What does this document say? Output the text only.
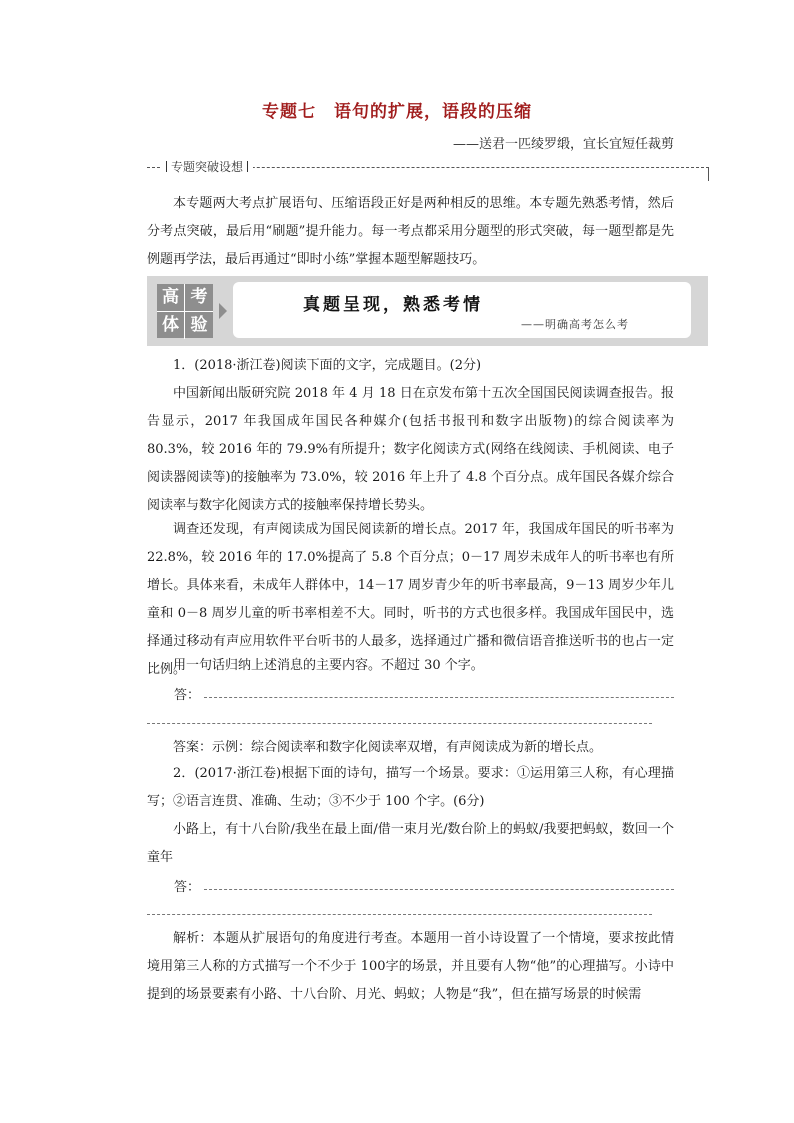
专题七　语句的扩展，语段的压缩
——送君一匹绫罗缎，宜长宜短任裁剪
专题突破设想

本专题两大考点扩展语句、压缩语段正好是两种相反的思维。本专题先熟悉考情，然后分考点突破，最后用“刷题”提升能力。每一考点都采用分题型的形式突破，每一题型都是先例题再学法，最后再通过“即时小练”掌握本题型解题技巧。

高 考
体 验
真题呈现，熟悉考情
——明确高考怎么考

1．(2018·浙江卷)阅读下面的文字，完成题目。(2分)

中国新闻出版研究院 2018 年 4 月 18 日在京发布第十五次全国国民阅读调查报告。报告显示，2017 年我国成年国民各种媒介(包括书报刊和数字出版物)的综合阅读率为 80.3%，较 2016 年的 79.9%有所提升；数字化阅读方式(网络在线阅读、手机阅读、电子阅读器阅读等)的接触率为 73.0%，较 2016 年上升了 4.8 个百分点。成年国民各媒介综合阅读率与数字化阅读方式的接触率保持增长势头。

调查还发现，有声阅读成为国民阅读新的增长点。2017 年，我国成年国民的听书率为 22.8%，较 2016 年的 17.0%提高了 5.8 个百分点；0－17 周岁未成年人的听书率也有所增长。具体来看，未成年人群体中，14－17 周岁青少年的听书率最高，9－13 周岁少年儿童和 0－8 周岁儿童的听书率相差不大。同时，听书的方式也很多样。我国成年国民中，选择通过移动有声应用软件平台听书的人最多，选择通过广播和微信语音推送听书的也占一定比例。

用一句话归纳上述消息的主要内容。不超过 30 个字。

答：

答案：示例：综合阅读率和数字化阅读率双增，有声阅读成为新的增长点。

2．(2017·浙江卷)根据下面的诗句，描写一个场景。要求：①运用第三人称，有心理描写；②语言连贯、准确、生动；③不少于 100 个字。(6分)

小路上，有十八台阶/我坐在最上面/借一束月光/数台阶上的蚂蚁/我要把蚂蚁，数回一个童年

答：

解析：本题从扩展语句的角度进行考查。本题用一首小诗设置了一个情境，要求按此情境用第三人称的方式描写一个不少于 100字的场景，并且要有人物“他”的心理描写。小诗中提到的场景要素有小路、十八台阶、月光、蚂蚁；人物是“我”，但在描写场景的时候需
